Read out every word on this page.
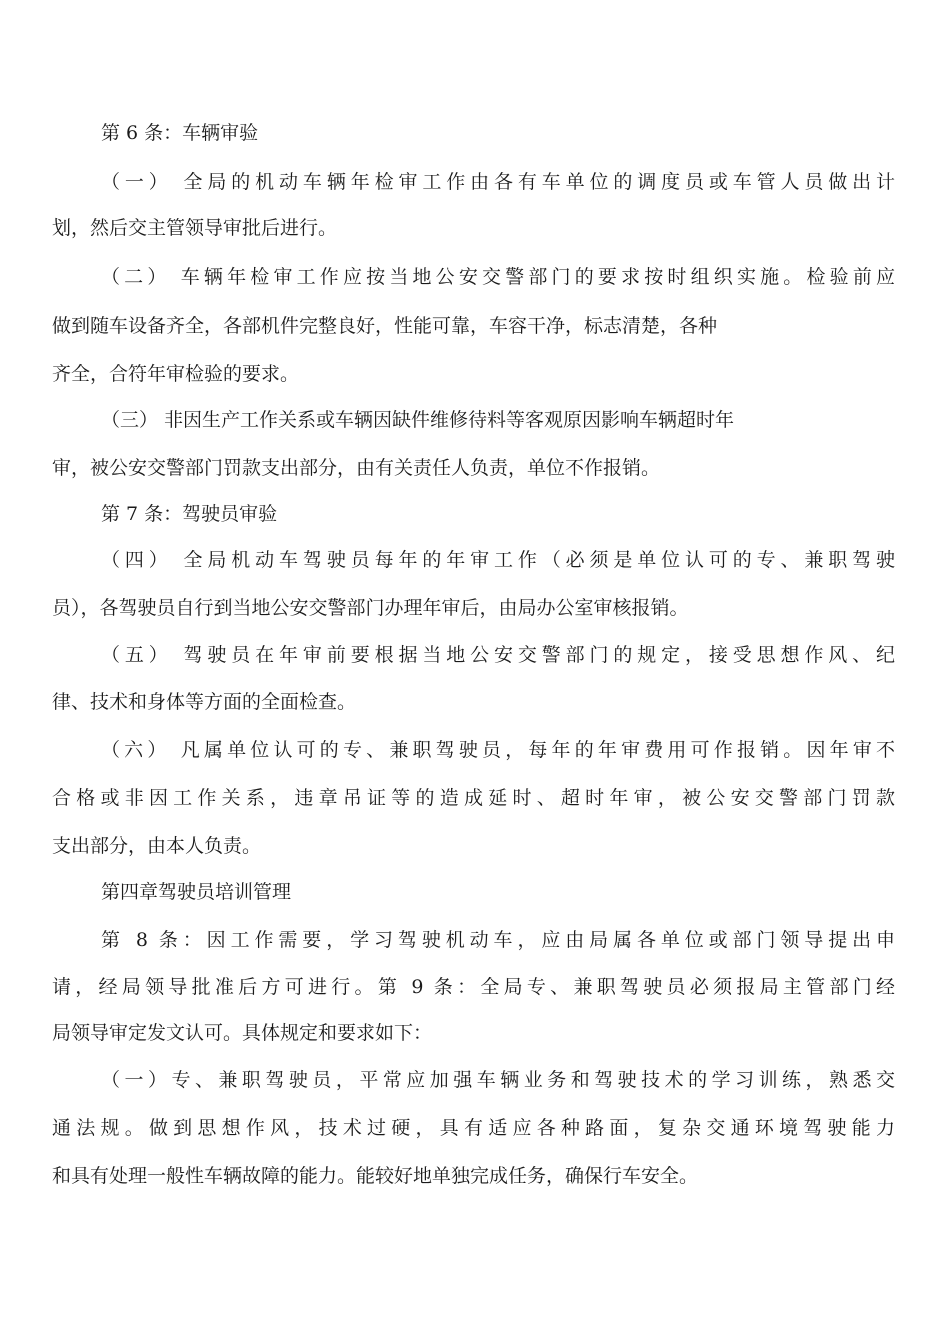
第 6 条：车辆审验

（一） 全局的机动车辆年检审工作由各有车单位的调度员或车管人员做出计

划，然后交主管领导审批后进行。

（二） 车辆年检审工作应按当地公安交警部门的要求按时组织实施。检验前应

做到随车设备齐全，各部机件完整良好，性能可靠，车容干净，标志清楚，各种

齐全，合符年审检验的要求。

（三） 非因生产工作关系或车辆因缺件维修待料等客观原因影响车辆超时年

审，被公安交警部门罚款支出部分，由有关责任人负责，单位不作报销。

第 7 条：驾驶员审验

（四） 全局机动车驾驶员每年的年审工作（必须是单位认可的专、兼职驾驶

员），各驾驶员自行到当地公安交警部门办理年审后，由局办公室审核报销。

（五） 驾驶员在年审前要根据当地公安交警部门的规定，接受思想作风、纪

律、技术和身体等方面的全面检查。

（六） 凡属单位认可的专、兼职驾驶员，每年的年审费用可作报销。因年审不

合格或非因工作关系，违章吊证等的造成延时、超时年审，被公安交警部门罚款

支出部分，由本人负责。

第四章驾驶员培训管理

第 8 条：因工作需要，学习驾驶机动车，应由局属各单位或部门领导提出申

请，经局领导批准后方可进行。第 9 条：全局专、兼职驾驶员必须报局主管部门经

局领导审定发文认可。具体规定和要求如下：

（一）专、兼职驾驶员，平常应加强车辆业务和驾驶技术的学习训练，熟悉交

通法规。做到思想作风，技术过硬，具有适应各种路面，复杂交通环境驾驶能力

和具有处理一般性车辆故障的能力。能较好地单独完成任务，确保行车安全。
